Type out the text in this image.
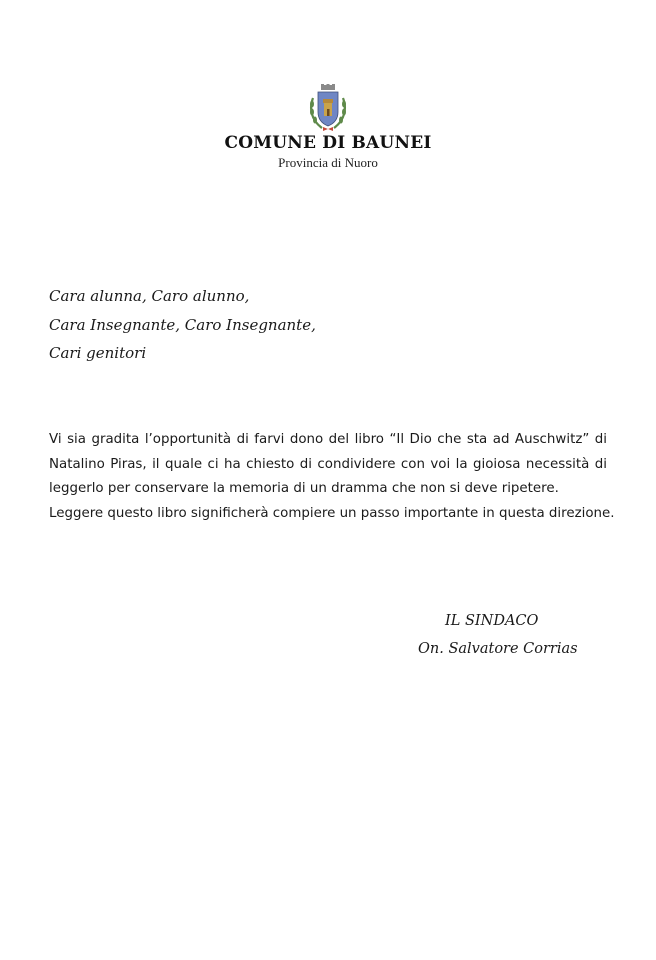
COMUNE DI BAUNEI
Provincia di Nuoro
Cara alunna, Caro alunno,
Cara Insegnante, Caro Insegnante,
Cari genitori
Vi sia gradita l’opportunità di farvi dono del libro “Il Dio che sta ad Auschwitz” di
Natalino Piras, il quale ci ha chiesto di condividere con voi la gioiosa necessità di
leggerlo per conservare la memoria di un dramma che non si deve ripetere.
Leggere questo libro significherà compiere un passo importante in questa direzione.
IL SINDACO
On. Salvatore Corrias
